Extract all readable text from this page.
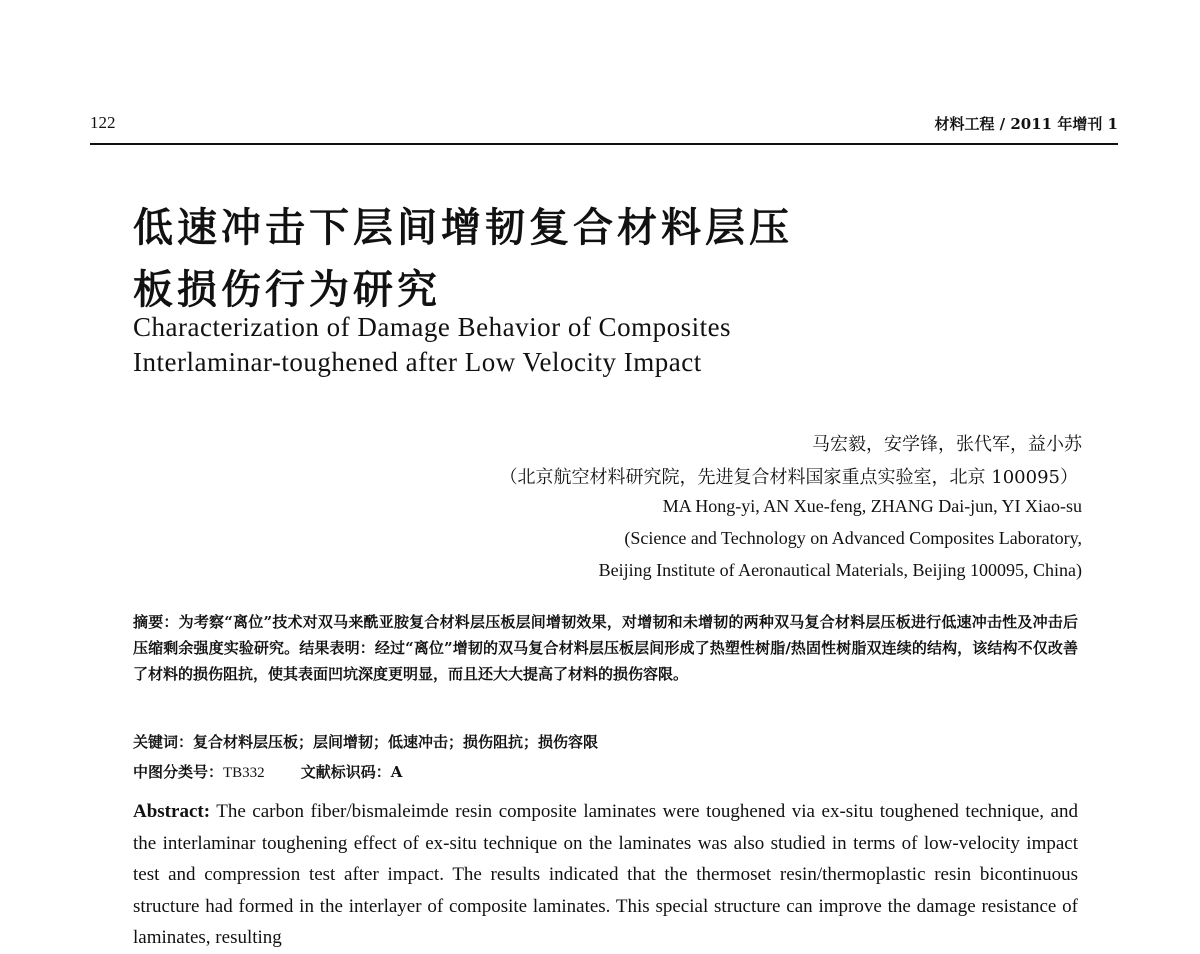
122	材料工程 / 2011 年增刊 1
低速冲击下层间增韧复合材料层压
板损伤行为研究
Characterization of Damage Behavior of Composites
Interlaminar-toughened after Low Velocity Impact
马宏毅，安学锋，张代军，益小苏
（北京航空材料研究院，先进复合材料国家重点实验室，北京 100095）
MA Hong-yi, AN Xue-feng, ZHANG Dai-jun, YI Xiao-su
(Science and Technology on Advanced Composites Laboratory,
Beijing Institute of Aeronautical Materials, Beijing 100095, China)
摘要：为考察“离位”技术对双马来酰亚胺复合材料层压板层间增韧效果，对增韧和未增韧的两种双马复合材料层压板进行低速冲击性及冲击后压缩剩余强度实验研究。结果表明：经过“离位”增韧的双马复合材料层压板层间形成了热塑性树脂/热固性树脂双连续的结构，该结构不仅改善了材料的损伤阻抗，使其表面凹坑深度更明显，而且还大大提高了材料的损伤容限。
关键词：复合材料层压板；层间增韧；低速冲击；损伤阻抗；损伤容限
中图分类号：TB332 文献标识码：A
Abstract: The carbon fiber/bismaleimde resin composite laminates were toughened via ex-situ toughened technique, and the interlaminar toughening effect of ex-situ technique on the laminates was also studied in terms of low-velocity impact test and compression test after impact. The results indicated that the thermoset resin/thermoplastic resin bicontinuous structure had formed in the interlayer of composite laminates. This special structure can improve the damage resistance of laminates, resulting
